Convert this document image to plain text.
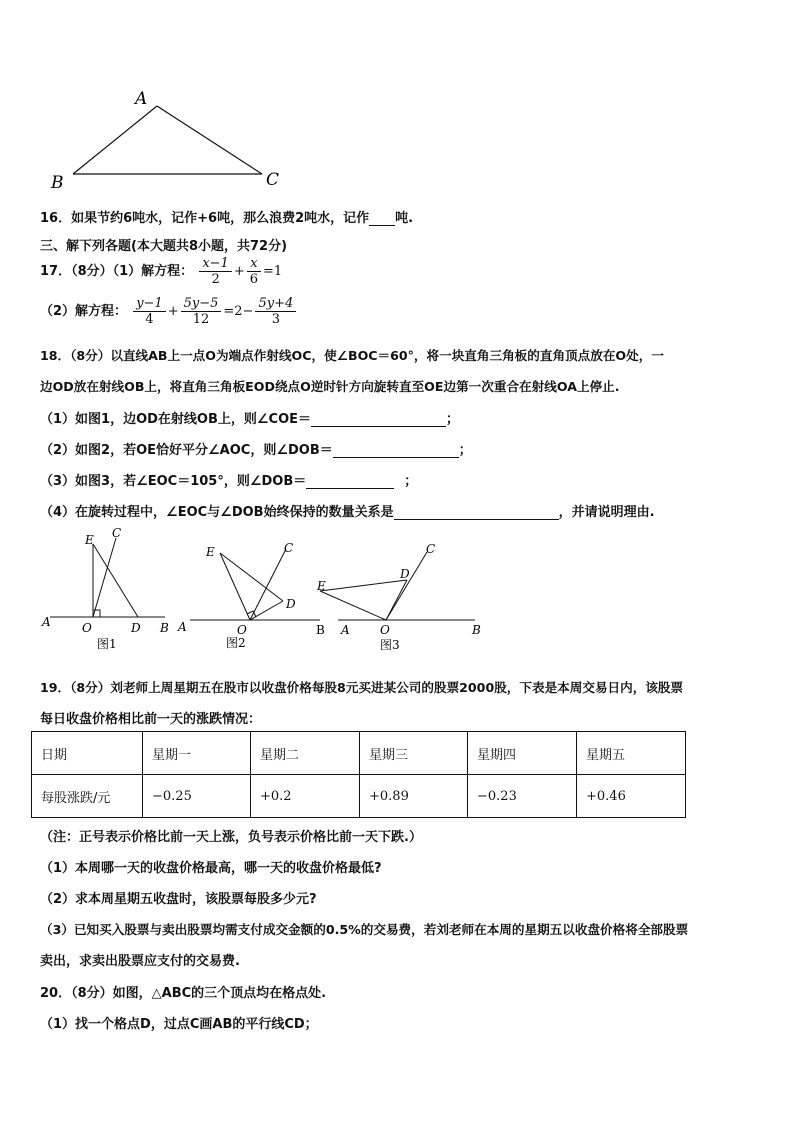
A
B	C
16．如果节约6吨水，记作+6吨，那么浪费2吨水，记作 吨.
三、解下列各题(本大题共8小题，共72分)
17．（8分）（1）解方程： $\frac{x-1}{2} + \frac{x}{6} =1$
（2）解方程： $\frac{y-1}{4} + \frac{5y-5}{12} =2- \frac{5y+4}{3}$
18．（8分）以直线AB上一点O为端点作射线OC，使∠BOC＝60°，将一块直角三角板的直角顶点放在O处，一
边OD放在射线OB上，将直角三角板EOD绕点O逆时针方向旋转直至OE边第一次重合在射线OA上停止.
（1）如图1，边OD在射线OB上，则∠COE＝	；
（2）如图2，若OE恰好平分∠AOC，则∠DOB＝	；
（3）如图3，若∠EOC＝105°，则∠DOB＝	；
（4）在旋转过程中，∠EOC与∠DOB始终保持的数量关系是	，并请说明理由.
E C
A	O	D B
图1
E	C
D
A	O	B
图2
E
D
C
A	O	B
图3
19．（8分）刘老师上周星期五在股市以收盘价格每股8元买进某公司的股票2000股，下表是本周交易日内，该股票
每日收盘价格相比前一天的涨跌情况：
日期	星期一	星期二	星期三	星期四	星期五
每股涨跌/元	−0.25	+0.2	+0.89	−0.23	+0.46
（注：正号表示价格比前一天上涨，负号表示价格比前一天下跌.）
（1）本周哪一天的收盘价格最高，哪一天的收盘价格最低?
（2）求本周星期五收盘时，该股票每股多少元?
（3）已知买入股票与卖出股票均需支付成交金额的0.5%的交易费，若刘老师在本周的星期五以收盘价格将全部股票
卖出，求卖出股票应支付的交易费.
20．（8分）如图，△ABC的三个顶点均在格点处.
（1）找一个格点D，过点C画AB的平行线CD；
